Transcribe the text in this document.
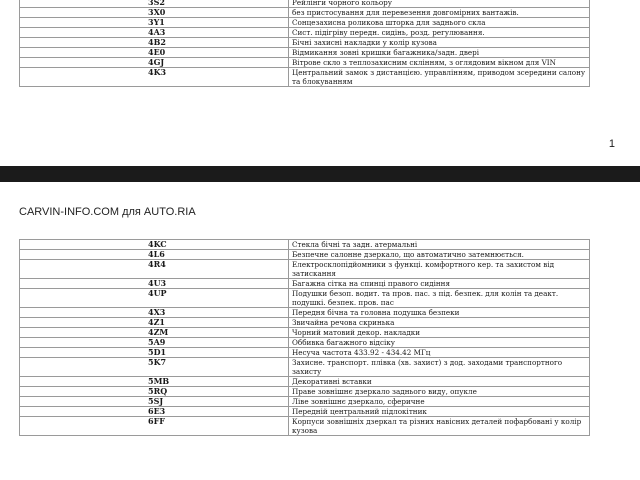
3S2	Рейлінги чорного кольору
3X0	без пристосування для перевезення довгомірних вантажів.
3Y1	Сонцезахисна роликова шторка для заднього скла
4A3	Сист. підігріву передн. сидінь, розд. регулювання.
4B2	Бічні захисні накладки у колір кузова
4E0	Відмикання зовні кришки багажника/задн. двері
4GJ	Вітрове скло з теплозахисним склінням, з оглядовим вікном для VIN
4K3	Центральний замок з дистанцією. управлінням, приводом зсередини салону та блокуванням
1
CARVIN-INFO.COM для AUTO.RIA
4KC	Стекла бічні та задн. атермальні
4L6	Безпечне салонне дзеркало, що автоматично затемнюється.
4R4	Електросклопідйомники з функці. комфортного кер. та захистом від затискання
4U3	Багажна сітка на спинці правого сидіння
4UP	Подушки безоп. водит. та пров. пас. з під. безпек. для колін та деакт. подушкі. безпек. пров. пас
4X3	Передня бічна та головна подушка безпеки
4Z1	Звичайна речова скринька
4ZM	Чорний матовий декор. накладки
5A9	Оббивка багажного відсіку
5D1	Несуча частота 433.92 - 434.42 МГц
5K7	Захисне. транспорт. плівка (хв. захист) з дод. заходами транспортного захисту
5MB	Декоративні вставки
5RQ	Праве зовнішнє дзеркало заднього виду, опукле
5SJ	Ліве зовнішнє дзеркало, сферичне
6E3	Передній центральний підлокітник
6FF	Корпуси зовнішніх дзеркал та різних навісних деталей пофарбовані у колір кузова
